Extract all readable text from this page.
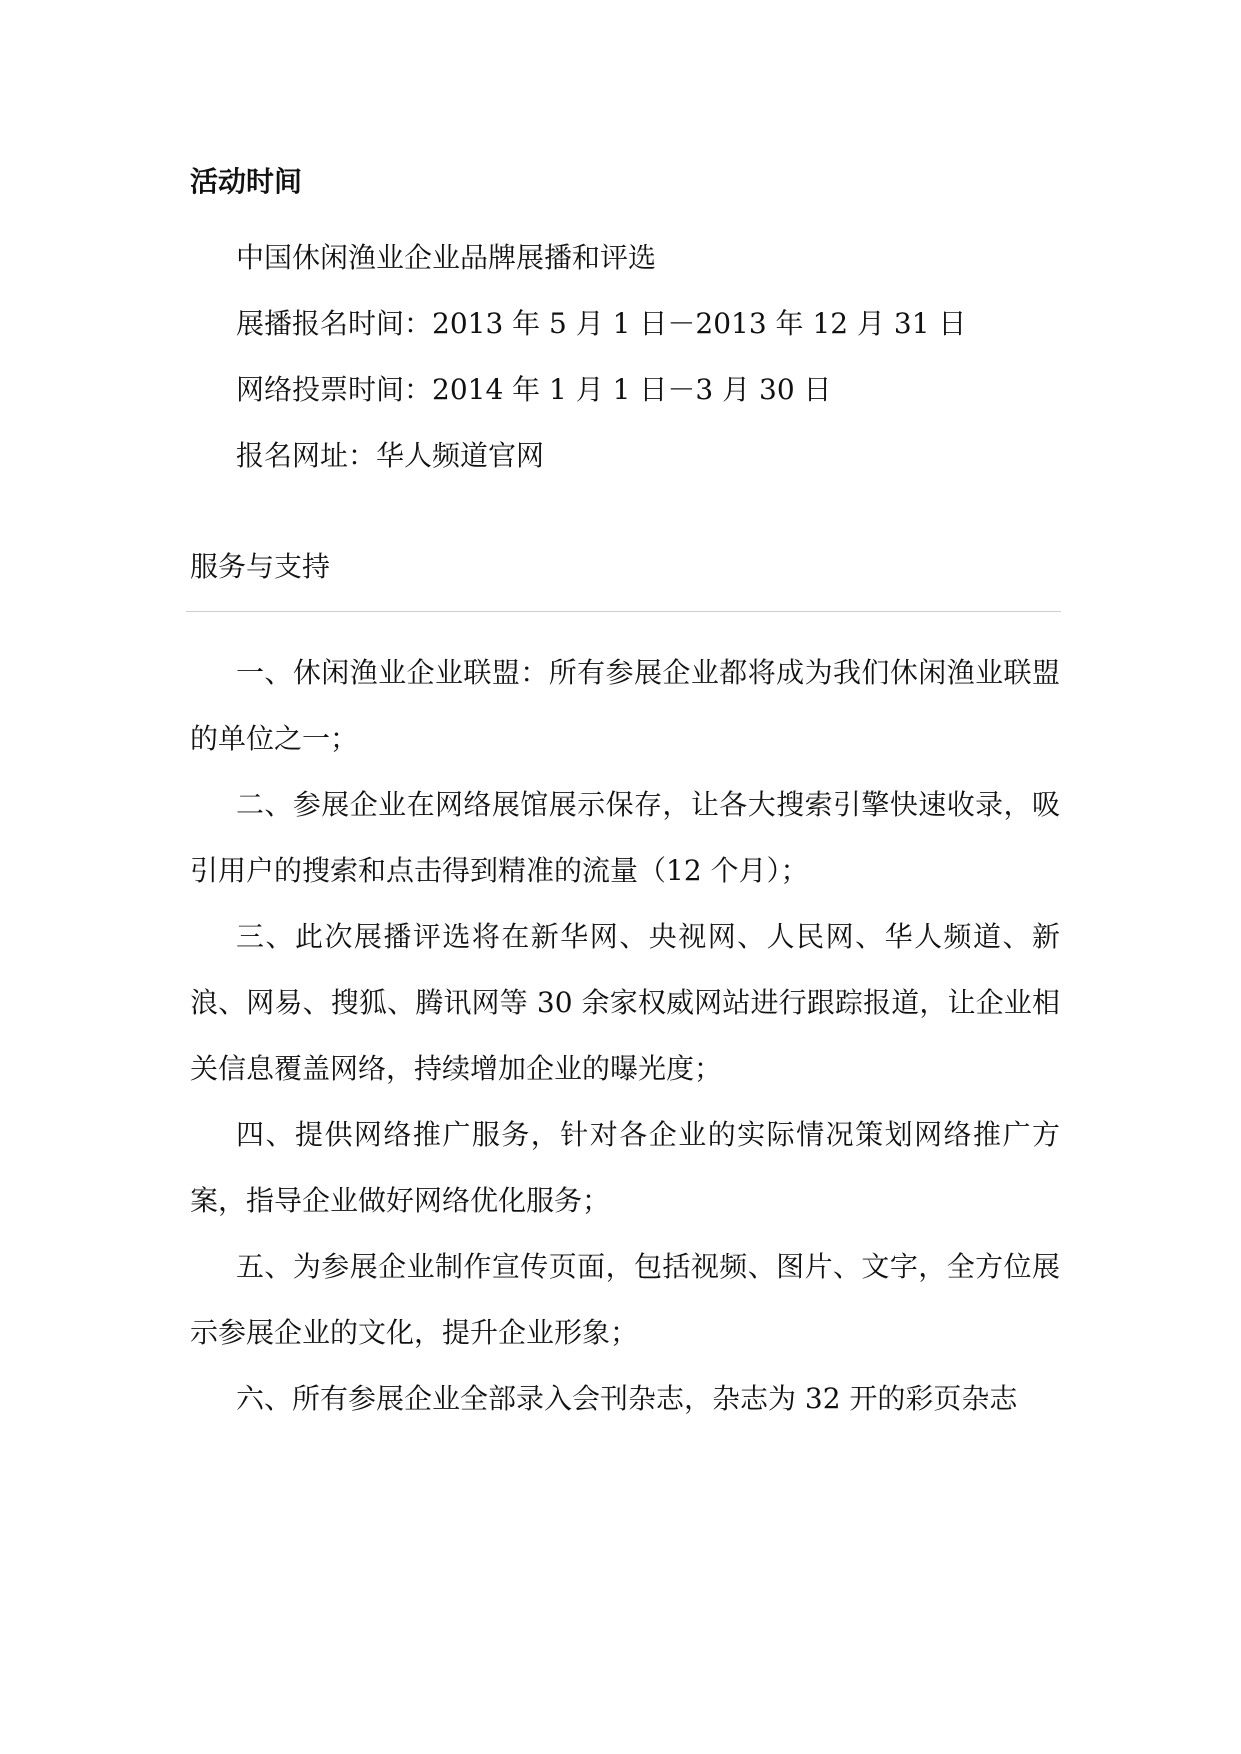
活动时间
中国休闲渔业企业品牌展播和评选
展播报名时间：2013 年 5 月 1 日－2013 年 12 月 31 日
网络投票时间：2014 年 1 月 1 日－3 月 30 日
报名网址：华人频道官网
服务与支持

一、休闲渔业企业联盟：所有参展企业都将成为我们休闲渔业联盟的单位之一；

二、参展企业在网络展馆展示保存，让各大搜索引擎快速收录，吸引用户的搜索和点击得到精准的流量（12 个月）；

三、此次展播评选将在新华网、央视网、人民网、华人频道、新浪、网易、搜狐、腾讯网等 30 余家权威网站进行跟踪报道，让企业相关信息覆盖网络，持续增加企业的曝光度；

四、提供网络推广服务，针对各企业的实际情况策划网络推广方案，指导企业做好网络优化服务；

五、为参展企业制作宣传页面，包括视频、图片、文字，全方位展示参展企业的文化，提升企业形象；

六、所有参展企业全部录入会刊杂志，杂志为 32 开的彩页杂志
